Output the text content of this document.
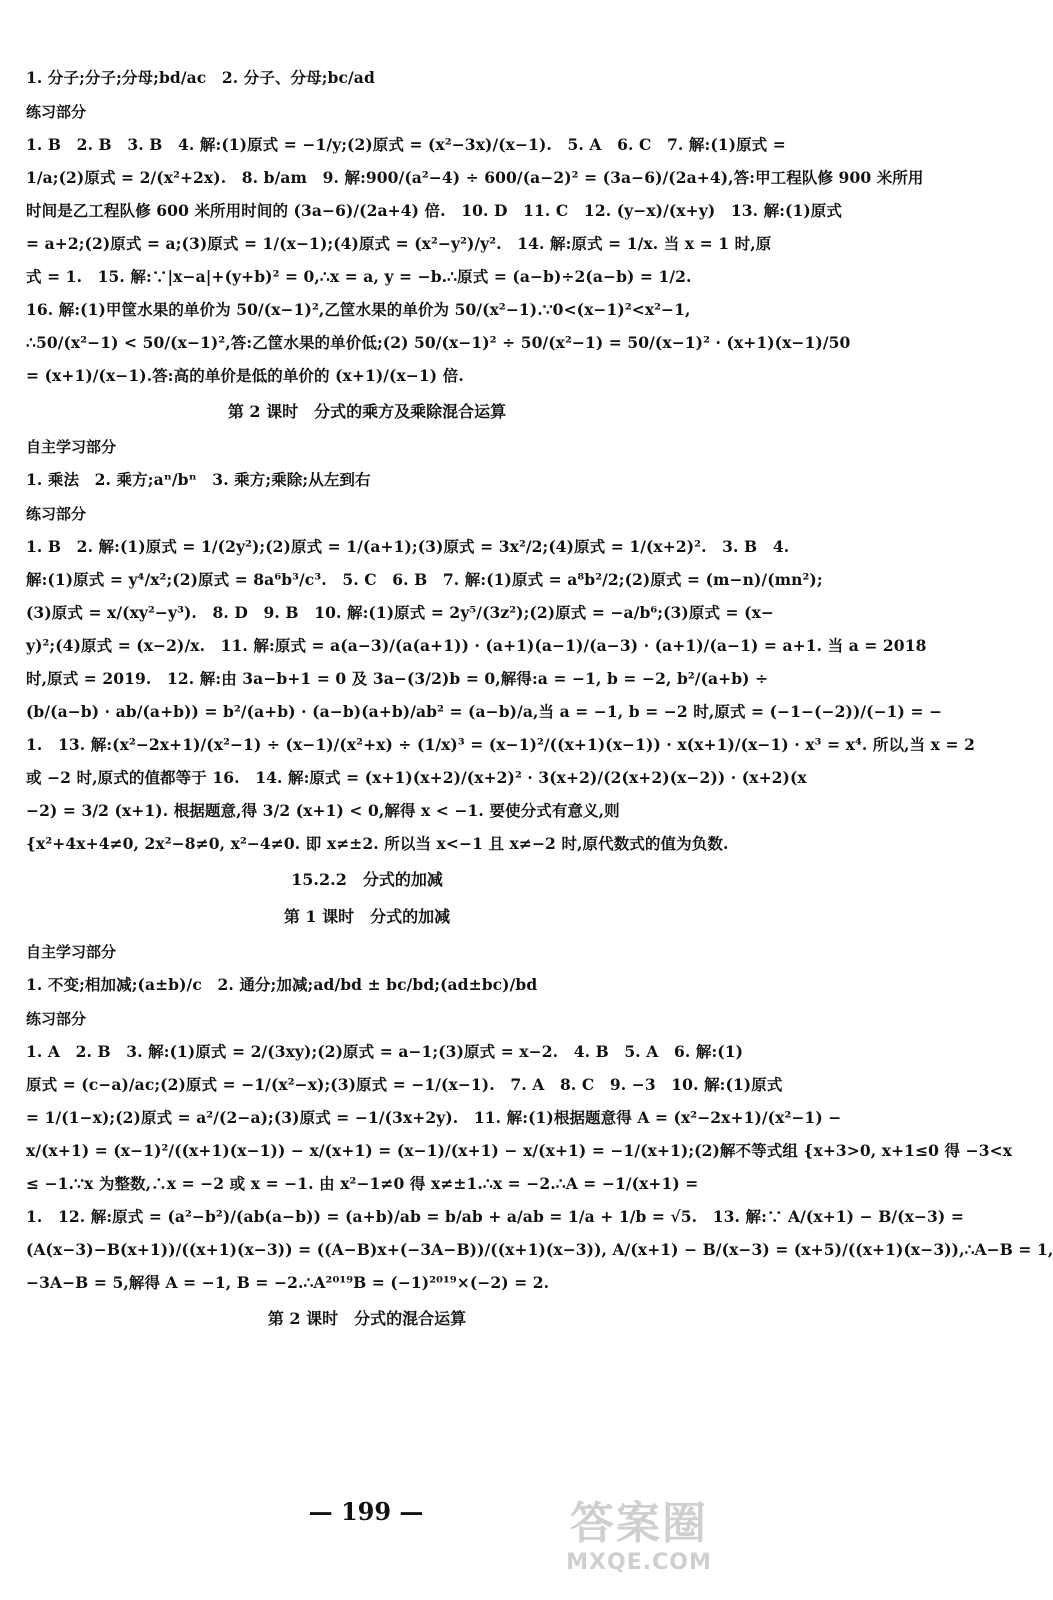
1. 分子;分子;分母;bd/ac　2. 分子、分母;bc/ad

练习部分

1. B　2. B　3. B　4. 解:(1)原式 = −1/y;(2)原式 = (x²−3x)/(x−1).　5. A　6. C　7. 解:(1)原式 =

1/a;(2)原式 = 2/(x²+2x).　8. b/am　9. 解:900/(a²−4) ÷ 600/(a−2)² = (3a−6)/(2a+4),答:甲工程队修 900 米所用

时间是乙工程队修 600 米所用时间的 (3a−6)/(2a+4) 倍.　10. D　11. C　12. (y−x)/(x+y)　13. 解:(1)原式

= a+2;(2)原式 = a;(3)原式 = 1/(x−1);(4)原式 = (x²−y²)/y².　14. 解:原式 = 1/x. 当 x = 1 时,原

式 = 1.　15. 解:∵|x−a|+(y+b)² = 0,∴x = a, y = −b.∴原式 = (a−b)÷2(a−b) = 1/2.

16. 解:(1)甲筐水果的单价为 50/(x−1)²,乙筐水果的单价为 50/(x²−1).∵0<(x−1)²<x²−1,

∴50/(x²−1) < 50/(x−1)²,答:乙筐水果的单价低;(2) 50/(x−1)² ÷ 50/(x²−1) = 50/(x−1)² · (x+1)(x−1)/50

= (x+1)/(x−1).答:高的单价是低的单价的 (x+1)/(x−1) 倍.

第 2 课时　分式的乘方及乘除混合运算
自主学习部分

1. 乘法　2. 乘方;aⁿ/bⁿ　3. 乘方;乘除;从左到右

练习部分

1. B　2. 解:(1)原式 = 1/(2y²);(2)原式 = 1/(a+1);(3)原式 = 3x²/2;(4)原式 = 1/(x+2)².　3. B　4.

解:(1)原式 = y⁴/x²;(2)原式 = 8a⁶b³/c³.　5. C　6. B　7. 解:(1)原式 = a⁸b²/2;(2)原式 = (m−n)/(mn²);

(3)原式 = x/(xy²−y³).　8. D　9. B　10. 解:(1)原式 = 2y⁵/(3z²);(2)原式 = −a/b⁶;(3)原式 = (x−

y)²;(4)原式 = (x−2)/x.　11. 解:原式 = a(a−3)/(a(a+1)) · (a+1)(a−1)/(a−3) · (a+1)/(a−1) = a+1. 当 a = 2018

时,原式 = 2019.　12. 解:由 3a−b+1 = 0 及 3a−(3/2)b = 0,解得:a = −1, b = −2, b²/(a+b) ÷

(b/(a−b) · ab/(a+b)) = b²/(a+b) · (a−b)(a+b)/ab² = (a−b)/a,当 a = −1, b = −2 时,原式 = (−1−(−2))/(−1) = −

1.　13. 解:(x²−2x+1)/(x²−1) ÷ (x−1)/(x²+x) ÷ (1/x)³ = (x−1)²/((x+1)(x−1)) · x(x+1)/(x−1) · x³ = x⁴. 所以,当 x = 2

或 −2 时,原式的值都等于 16.　14. 解:原式 = (x+1)(x+2)/(x+2)² · 3(x+2)/(2(x+2)(x−2)) · (x+2)(x

−2) = 3/2 (x+1). 根据题意,得 3/2 (x+1) < 0,解得 x < −1. 要使分式有意义,则

{x²+4x+4≠0, 2x²−8≠0, x²−4≠0. 即 x≠±2. 所以当 x<−1 且 x≠−2 时,原代数式的值为负数.

15.2.2　分式的加减
第 1 课时　分式的加减
自主学习部分

1. 不变;相加减;(a±b)/c　2. 通分;加减;ad/bd ± bc/bd;(ad±bc)/bd

练习部分

1. A　2. B　3. 解:(1)原式 = 2/(3xy);(2)原式 = a−1;(3)原式 = x−2.　4. B　5. A　6. 解:(1)

原式 = (c−a)/ac;(2)原式 = −1/(x²−x);(3)原式 = −1/(x−1).　7. A　8. C　9. −3　10. 解:(1)原式

= 1/(1−x);(2)原式 = a²/(2−a);(3)原式 = −1/(3x+2y).　11. 解:(1)根据题意得 A = (x²−2x+1)/(x²−1) −

x/(x+1) = (x−1)²/((x+1)(x−1)) − x/(x+1) = (x−1)/(x+1) − x/(x+1) = −1/(x+1);(2)解不等式组 {x+3>0, x+1≤0 得 −3<x

≤ −1.∵x 为整数,∴x = −2 或 x = −1. 由 x²−1≠0 得 x≠±1.∴x = −2.∴A = −1/(x+1) =

1.　12. 解:原式 = (a²−b²)/(ab(a−b)) = (a+b)/ab = b/ab + a/ab = 1/a + 1/b = √5.　13. 解:∵ A/(x+1) − B/(x−3) =

(A(x−3)−B(x+1))/((x+1)(x−3)) = ((A−B)x+(−3A−B))/((x+1)(x−3)), A/(x+1) − B/(x−3) = (x+5)/((x+1)(x−3)),∴A−B = 1,

−3A−B = 5,解得 A = −1, B = −2.∴A²⁰¹⁹B = (−1)²⁰¹⁹×(−2) = 2.

第 2 课时　分式的混合运算
— 199 —	答案圈
MXQE.COM
